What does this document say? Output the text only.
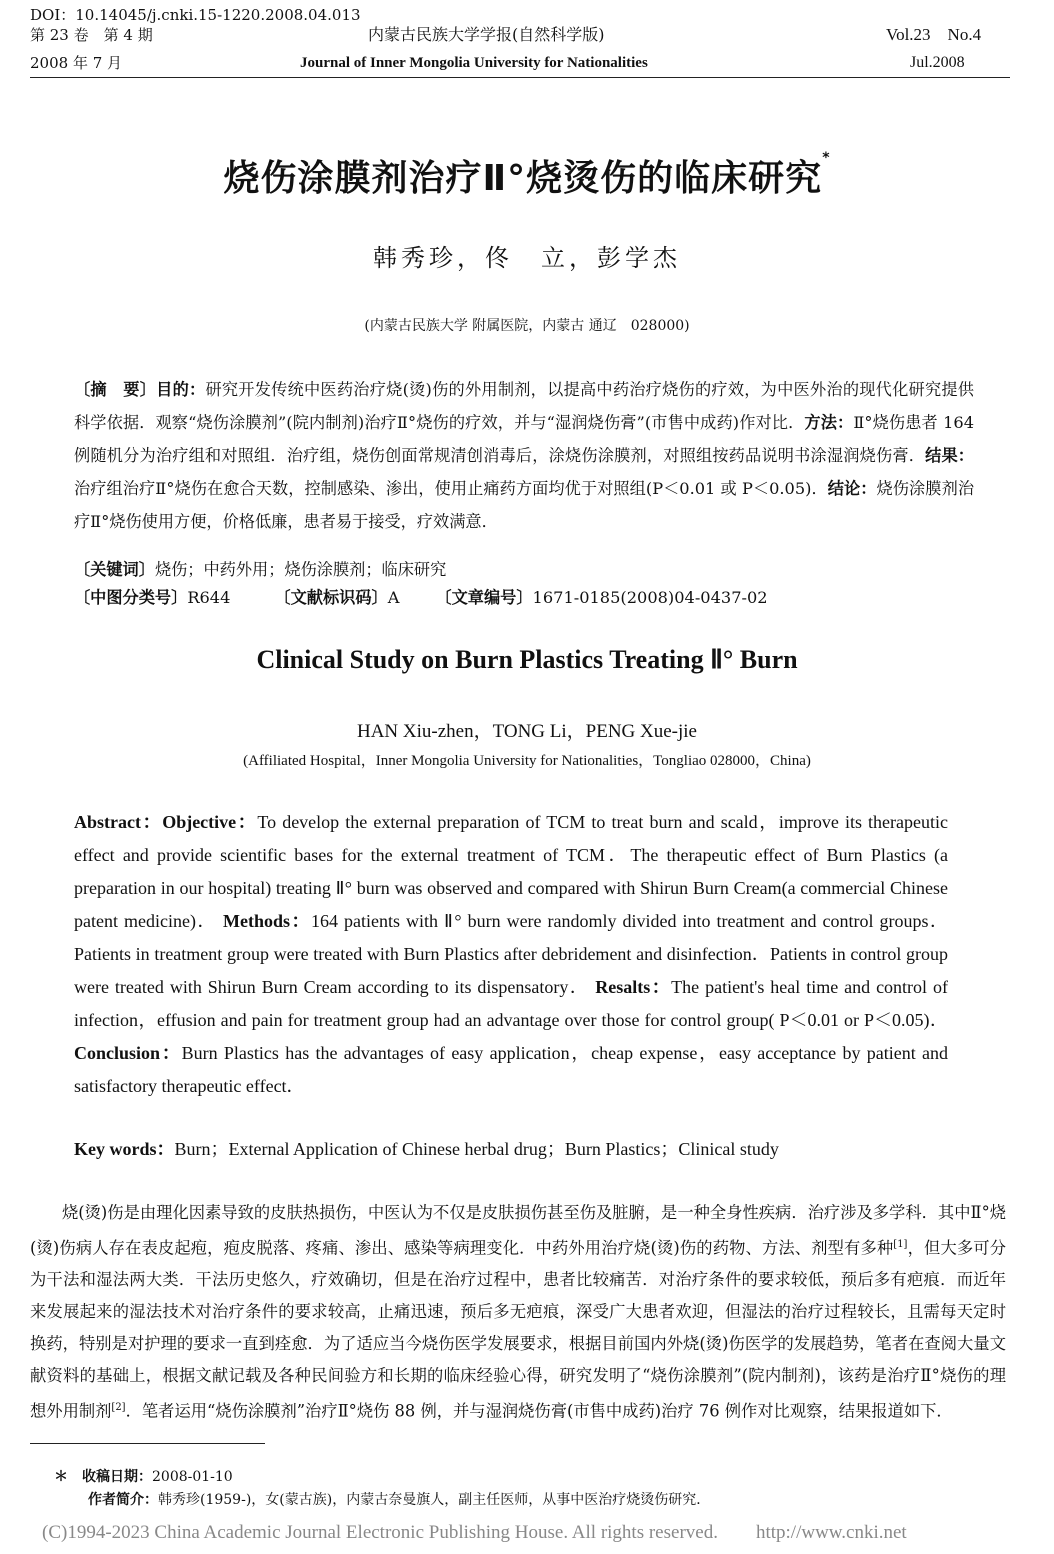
DOI：10.14045/j.cnki.15-1220.2008.04.013
第 23 卷　第 4 期	内蒙古民族大学学报(自然科学版)	Vol.23　No.4
2008 年 7 月	Journal of Inner Mongolia University for Nationalities	Jul.2008
烧伤涂膜剂治疗Ⅱ°烧烫伤的临床研究*
韩秀珍，佟　立，彭学杰
(内蒙古民族大学 附属医院，内蒙古 通辽　028000)
〔摘　要〕目的：研究开发传统中医药治疗烧(烫)伤的外用制剂，以提高中药治疗烧伤的疗效，为中医外治的现代化研究提供科学依据．观察“烧伤涂膜剂”(院内制剂)治疗Ⅱ°烧伤的疗效，并与“湿润烧伤膏”(市售中成药)作对比．方法：Ⅱ°烧伤患者 164 例随机分为治疗组和对照组．治疗组，烧伤创面常规清创消毒后，涂烧伤涂膜剂，对照组按药品说明书涂湿润烧伤膏．结果：治疗组治疗Ⅱ°烧伤在愈合天数，控制感染、渗出，使用止痛药方面均优于对照组(P＜0.01 或 P＜0.05)．结论：烧伤涂膜剂治疗Ⅱ°烧伤使用方便，价格低廉，患者易于接受，疗效满意．
〔关键词〕烧伤；中药外用；烧伤涂膜剂；临床研究
〔中图分类号〕R644	〔文献标识码〕A 〔文章编号〕1671-0185(2008)04-0437-02
Clinical Study on Burn Plastics Treating Ⅱ° Burn
HAN Xiu-zhen，TONG Li，PENG Xue-jie
(Affiliated Hospital，Inner Mongolia University for Nationalities，Tongliao 028000，China)
Abstract：Objective：To develop the external preparation of TCM to treat burn and scald，improve its therapeutic effect and provide scientific bases for the external treatment of TCM．The therapeutic effect of Burn Plastics (a preparation in our hospital) treating Ⅱ° burn was observed and compared with Shirun Burn Cream(a commercial Chinese patent medicine)． Methods：164 patients with Ⅱ° burn were randomly divided into treatment and control groups．Patients in treatment group were treated with Burn Plastics after debridement and disinfection．Patients in control group were treated with Shirun Burn Cream according to its dispensatory． Resalts：The patient's heal time and control of infection，effusion and pain for treatment group had an advantage over those for control group( P＜0.01 or P＜0.05)． Conclusion：Burn Plastics has the advantages of easy application，cheap expense，easy acceptance by patient and satisfactory therapeutic effect．
Key words：Burn；External Application of Chinese herbal drug；Burn Plastics；Clinical study
烧(烫)伤是由理化因素导致的皮肤热损伤，中医认为不仅是皮肤损伤甚至伤及脏腑，是一种全身性疾病．治疗涉及多学科．其中Ⅱ°烧(烫)伤病人存在表皮起疱，疱皮脱落、疼痛、渗出、感染等病理变化．中药外用治疗烧(烫)伤的药物、方法、剂型有多种[1]，但大多可分为干法和湿法两大类．干法历史悠久，疗效确切，但是在治疗过程中，患者比较痛苦．对治疗条件的要求较低，预后多有疤痕．而近年来发展起来的湿法技术对治疗条件的要求较高，止痛迅速，预后多无疤痕，深受广大患者欢迎，但湿法的治疗过程较长，且需每天定时换药，特别是对护理的要求一直到痊愈．为了适应当今烧伤医学发展要求，根据目前国内外烧(烫)伤医学的发展趋势，笔者在查阅大量文献资料的基础上，根据文献记载及各种民间验方和长期的临床经验心得，研究发明了“烧伤涂膜剂”(院内制剂)，该药是治疗Ⅱ°烧伤的理想外用制剂[2]．笔者运用“烧伤涂膜剂”治疗Ⅱ°烧伤 88 例，并与湿润烧伤膏(市售中成药)治疗 76 例作对比观察，结果报道如下．
＊　收稿日期：2008-01-10
作者简介：韩秀珍(1959-)，女(蒙古族)，内蒙古奈曼旗人，副主任医师，从事中医治疗烧烫伤研究．
(C)1994-2023 China Academic Journal Electronic Publishing House. All rights reserved.　　http://www.cnki.net
